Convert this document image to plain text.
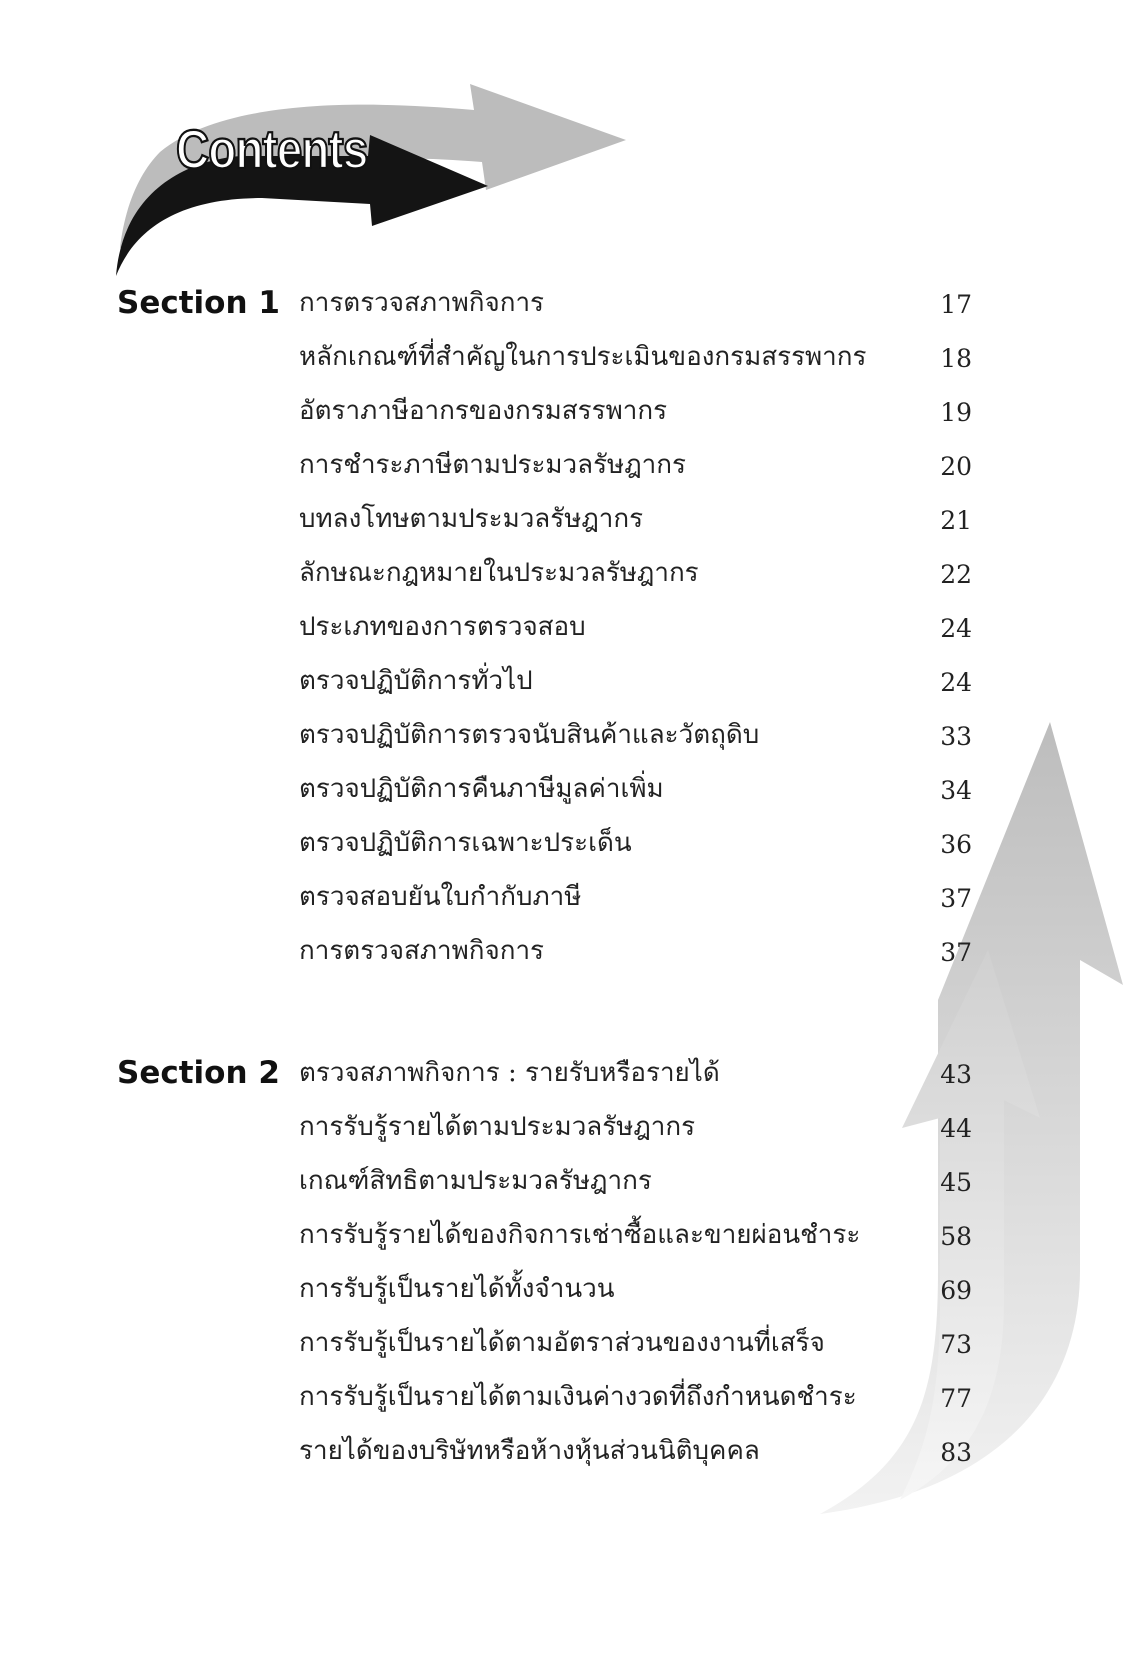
Contents
Section 1 การตรวจสภาพกิจการ	17
หลักเกณฑ์ที่สำคัญในการประเมินของกรมสรรพากร	18
อัตราภาษีอากรของกรมสรรพากร	19
การชำระภาษีตามประมวลรัษฎากร	20
บทลงโทษตามประมวลรัษฎากร	21
ลักษณะกฎหมายในประมวลรัษฎากร	22
ประเภทของการตรวจสอบ	24
ตรวจปฏิบัติการทั่วไป	24
ตรวจปฏิบัติการตรวจนับสินค้าและวัตถุดิบ	33
ตรวจปฏิบัติการคืนภาษีมูลค่าเพิ่ม	34
ตรวจปฏิบัติการเฉพาะประเด็น	36
ตรวจสอบยันใบกำกับภาษี	37
การตรวจสภาพกิจการ	37
Section 2 ตรวจสภาพกิจการ : รายรับหรือรายได้	43
การรับรู้รายได้ตามประมวลรัษฎากร	44
เกณฑ์สิทธิตามประมวลรัษฎากร	45
การรับรู้รายได้ของกิจการเช่าซื้อและขายผ่อนชำระ	58
การรับรู้เป็นรายได้ทั้งจำนวน	69
การรับรู้เป็นรายได้ตามอัตราส่วนของงานที่เสร็จ	73
การรับรู้เป็นรายได้ตามเงินค่างวดที่ถึงกำหนดชำระ	77
รายได้ของบริษัทหรือห้างหุ้นส่วนนิติบุคคล	83
